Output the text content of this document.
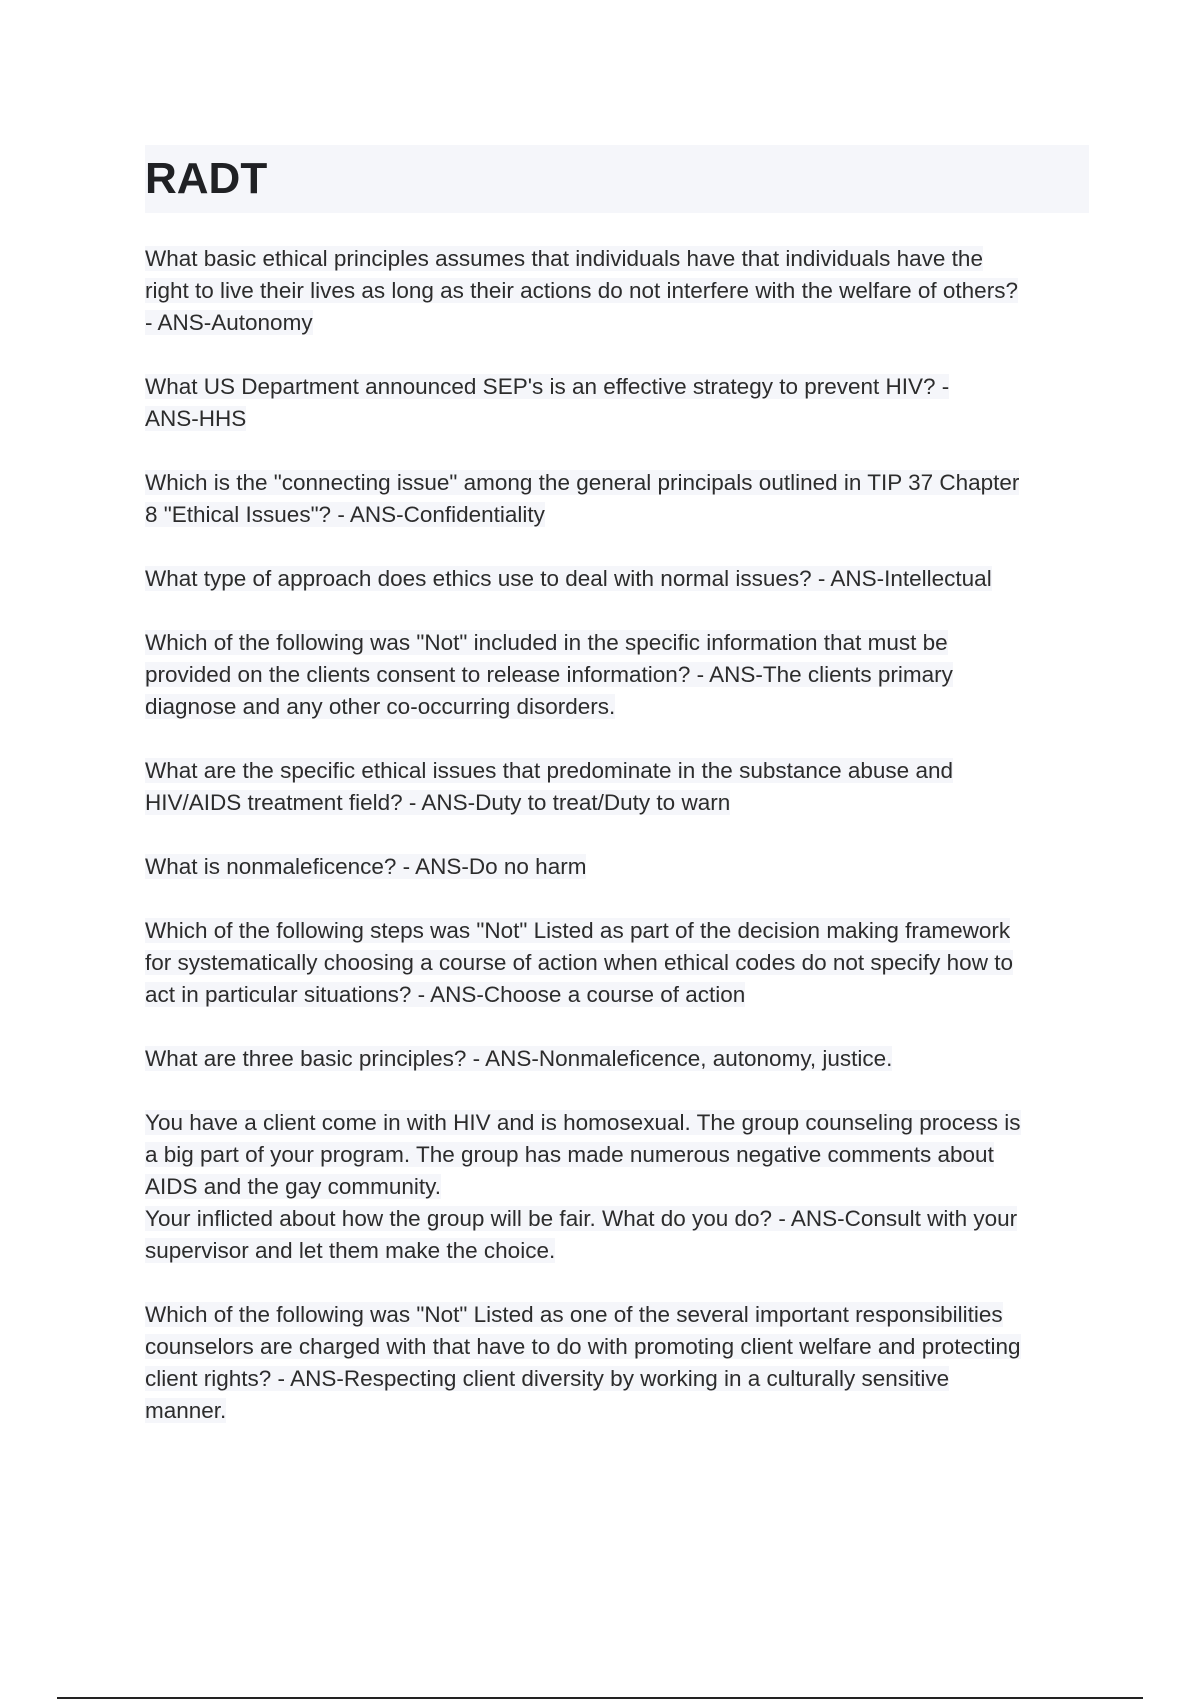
RADT

What basic ethical principles assumes that individuals have that individuals have the
right to live their lives as long as their actions do not interfere with the welfare of others?
- ANS-Autonomy

What US Department announced SEP's is an effective strategy to prevent HIV? -
ANS-HHS

Which is the "connecting issue" among the general principals outlined in TIP 37 Chapter
8 "Ethical Issues"? - ANS-Confidentiality

What type of approach does ethics use to deal with normal issues? - ANS-Intellectual

Which of the following was "Not" included in the specific information that must be
provided on the clients consent to release information? - ANS-The clients primary
diagnose and any other co-occurring disorders.

What are the specific ethical issues that predominate in the substance abuse and
HIV/AIDS treatment field? - ANS-Duty to treat/Duty to warn

What is nonmaleficence? - ANS-Do no harm

Which of the following steps was "Not" Listed as part of the decision making framework
for systematically choosing a course of action when ethical codes do not specify how to
act in particular situations? - ANS-Choose a course of action

What are three basic principles? - ANS-Nonmaleficence, autonomy, justice.

You have a client come in with HIV and is homosexual. The group counseling process is
a big part of your program. The group has made numerous negative comments about
AIDS and the gay community.
Your inflicted about how the group will be fair. What do you do? - ANS-Consult with your
supervisor and let them make the choice.

Which of the following was "Not" Listed as one of the several important responsibilities
counselors are charged with that have to do with promoting client welfare and protecting
client rights? - ANS-Respecting client diversity by working in a culturally sensitive
manner.
